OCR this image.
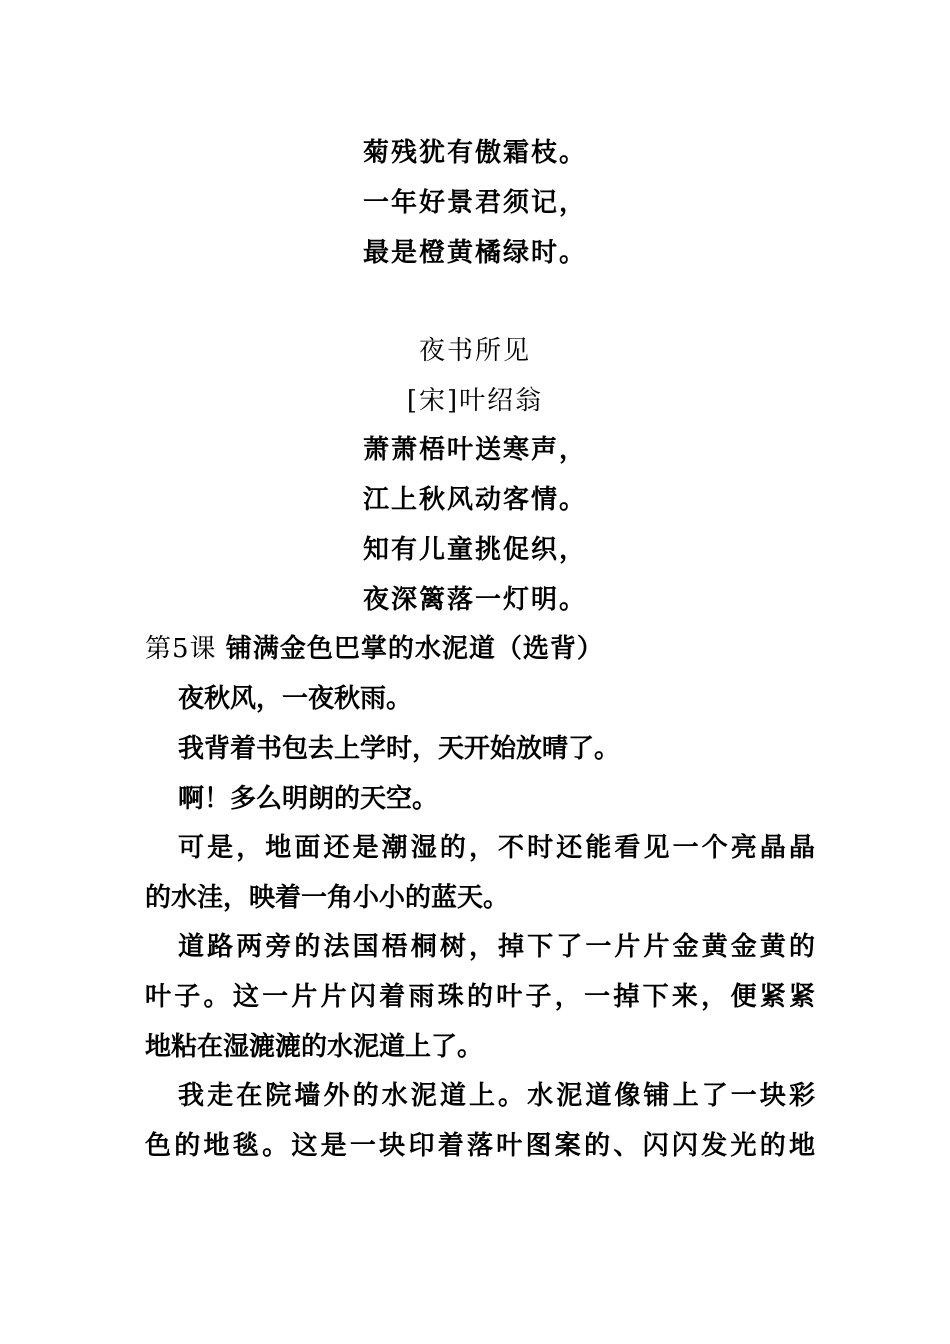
菊残犹有傲霜枝。
一年好景君须记，
最是橙黄橘绿时。
夜书所见
[宋]叶绍翁
萧萧梧叶送寒声，
江上秋风动客情。
知有儿童挑促织，
夜深篱落一灯明。
第5课 铺满金色巴掌的水泥道（选背）
夜秋风，一夜秋雨。
我背着书包去上学时，天开始放晴了。
啊！多么明朗的天空。
可是，地面还是潮湿的，不时还能看见一个亮晶晶
的水洼，映着一角小小的蓝天。
道路两旁的法国梧桐树，掉下了一片片金黄金黄的
叶子。这一片片闪着雨珠的叶子，一掉下来，便紧紧
地粘在湿漉漉的水泥道上了。
我走在院墙外的水泥道上。水泥道像铺上了一块彩
色的地毯。这是一块印着落叶图案的、闪闪发光的地
